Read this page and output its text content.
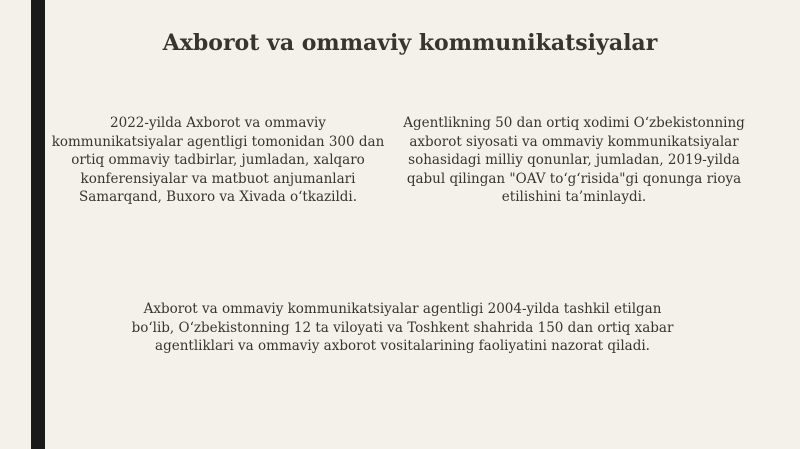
Axborot va ommaviy kommunikatsiyalar
2022-yilda Axborot va ommaviy kommunikatsiyalar agentligi tomonidan 300 dan ortiq ommaviy tadbirlar, jumladan, xalqaro konferensiyalar va matbuot anjumanlari Samarqand, Buxoro va Xivada o‘tkazildi.
Agentlikning 50 dan ortiq xodimi O‘zbekistonning axborot siyosati va ommaviy kommunikatsiyalar sohasidagi milliy qonunlar, jumladan, 2019-yilda qabul qilingan "OAV to‘g‘risida"gi qonunga rioya etilishini ta’minlaydi.
Axborot va ommaviy kommunikatsiyalar agentligi 2004-yilda tashkil etilgan bo‘lib, O‘zbekistonning 12 ta viloyati va Toshkent shahrida 150 dan ortiq xabar agentliklari va ommaviy axborot vositalarining faoliyatini nazorat qiladi.
